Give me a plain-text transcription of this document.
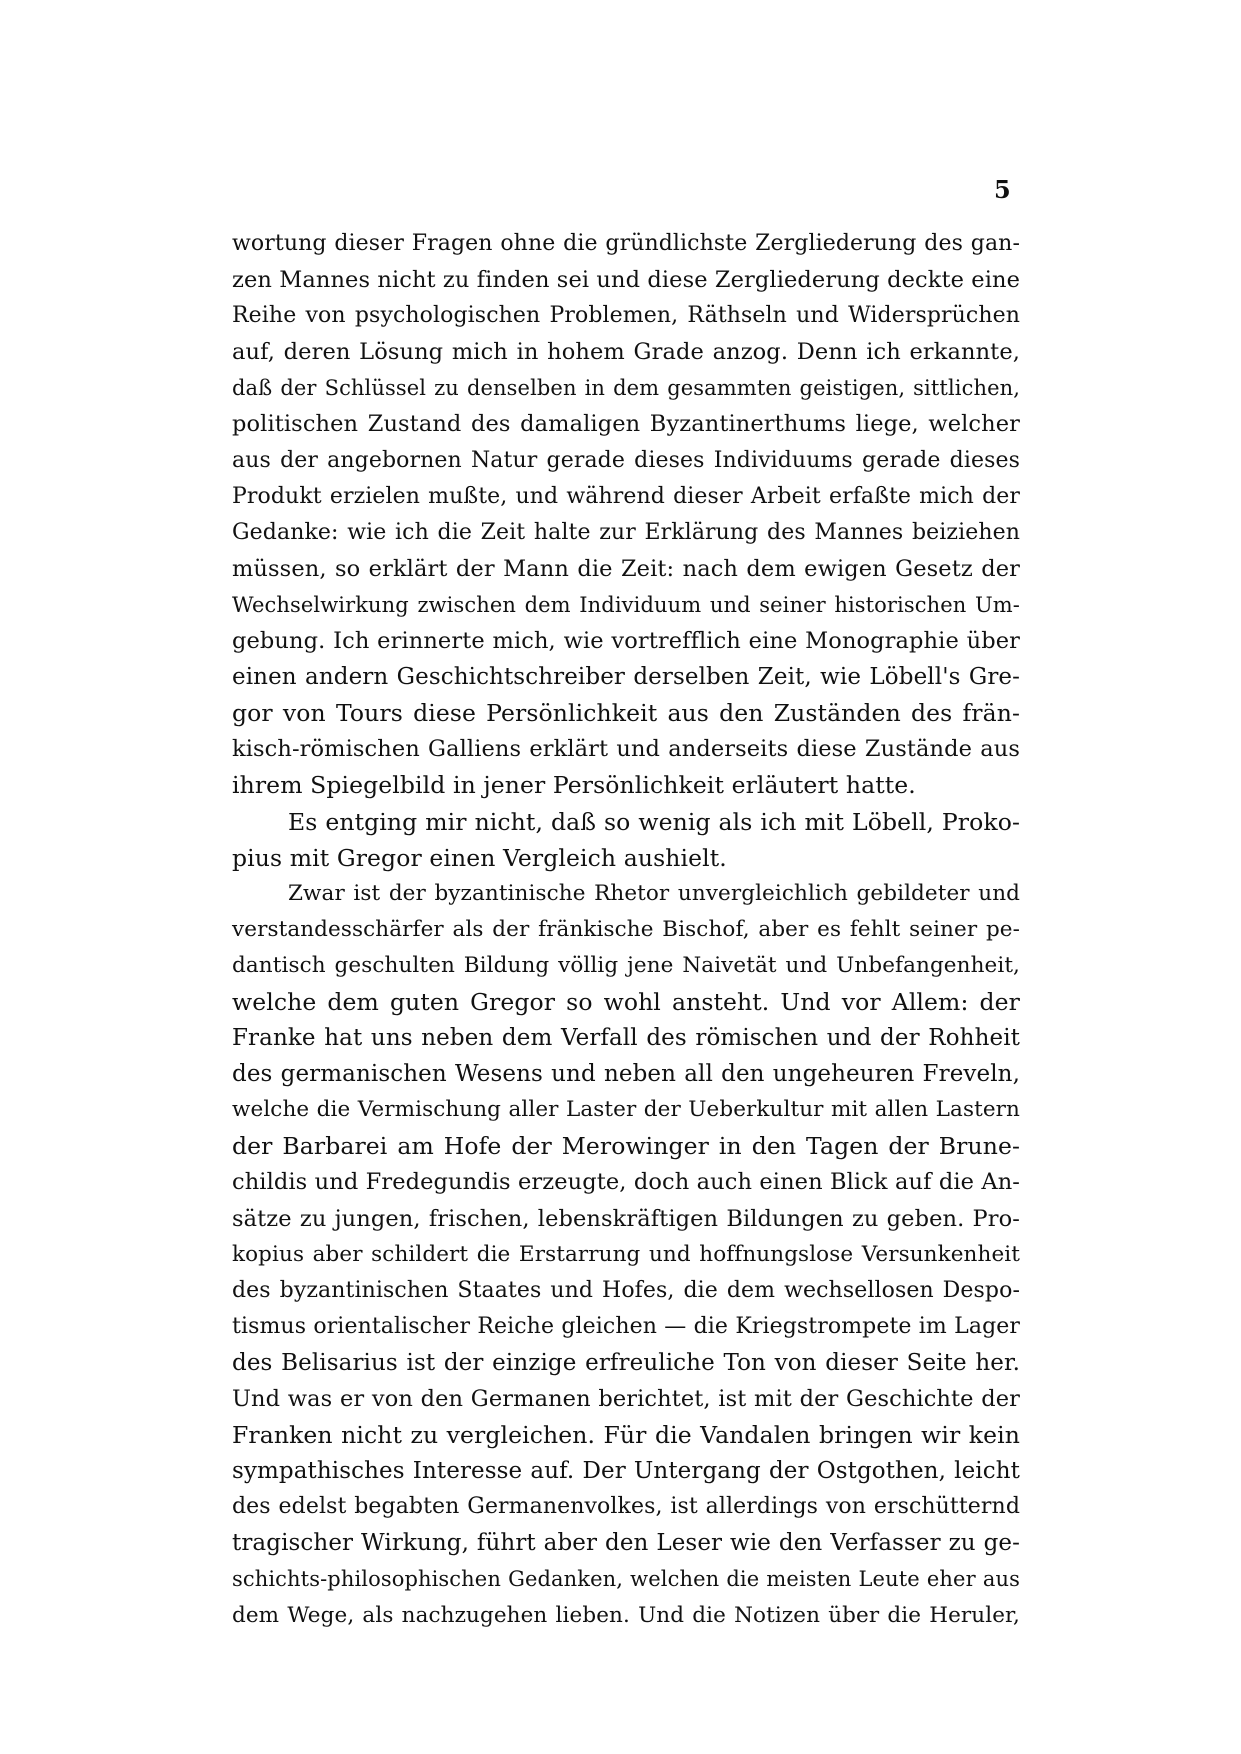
5
wortung dieser Fragen ohne die gründlichste Zergliederung des gan-
zen Mannes nicht zu finden sei und diese Zergliederung deckte eine
Reihe von psychologischen Problemen, Räthseln und Widersprüchen
auf, deren Lösung mich in hohem Grade anzog. Denn ich erkannte,
daß der Schlüssel zu denselben in dem gesammten geistigen, sittlichen,
politischen Zustand des damaligen Byzantinerthums liege, welcher
aus der angebornen Natur gerade dieses Individuums gerade dieses
Produkt erzielen mußte, und während dieser Arbeit erfaßte mich der
Gedanke: wie ich die Zeit halte zur Erklärung des Mannes beiziehen
müssen, so erklärt der Mann die Zeit: nach dem ewigen Gesetz der
Wechselwirkung zwischen dem Individuum und seiner historischen Um-
gebung. Ich erinnerte mich, wie vortrefflich eine Monographie über
einen andern Geschichtschreiber derselben Zeit, wie Löbell's Gre-
gor von Tours diese Persönlichkeit aus den Zuständen des frän-
kisch-römischen Galliens erklärt und anderseits diese Zustände aus
ihrem Spiegelbild in jener Persönlichkeit erläutert hatte.
Es entging mir nicht, daß so wenig als ich mit Löbell, Proko-
pius mit Gregor einen Vergleich aushielt.
Zwar ist der byzantinische Rhetor unvergleichlich gebildeter und
verstandesschärfer als der fränkische Bischof, aber es fehlt seiner pe-
dantisch geschulten Bildung völlig jene Naivetät und Unbefangenheit,
welche dem guten Gregor so wohl ansteht. Und vor Allem: der
Franke hat uns neben dem Verfall des römischen und der Rohheit
des germanischen Wesens und neben all den ungeheuren Freveln,
welche die Vermischung aller Laster der Ueberkultur mit allen Lastern
der Barbarei am Hofe der Merowinger in den Tagen der Brune-
childis und Fredegundis erzeugte, doch auch einen Blick auf die An-
sätze zu jungen, frischen, lebenskräftigen Bildungen zu geben. Pro-
kopius aber schildert die Erstarrung und hoffnungslose Versunkenheit
des byzantinischen Staates und Hofes, die dem wechsellosen Despo-
tismus orientalischer Reiche gleichen — die Kriegstrompete im Lager
des Belisarius ist der einzige erfreuliche Ton von dieser Seite her.
Und was er von den Germanen berichtet, ist mit der Geschichte der
Franken nicht zu vergleichen. Für die Vandalen bringen wir kein
sympathisches Interesse auf. Der Untergang der Ostgothen, leicht
des edelst begabten Germanenvolkes, ist allerdings von erschütternd
tragischer Wirkung, führt aber den Leser wie den Verfasser zu ge-
schichts-philosophischen Gedanken, welchen die meisten Leute eher aus
dem Wege, als nachzugehen lieben. Und die Notizen über die Heruler,
